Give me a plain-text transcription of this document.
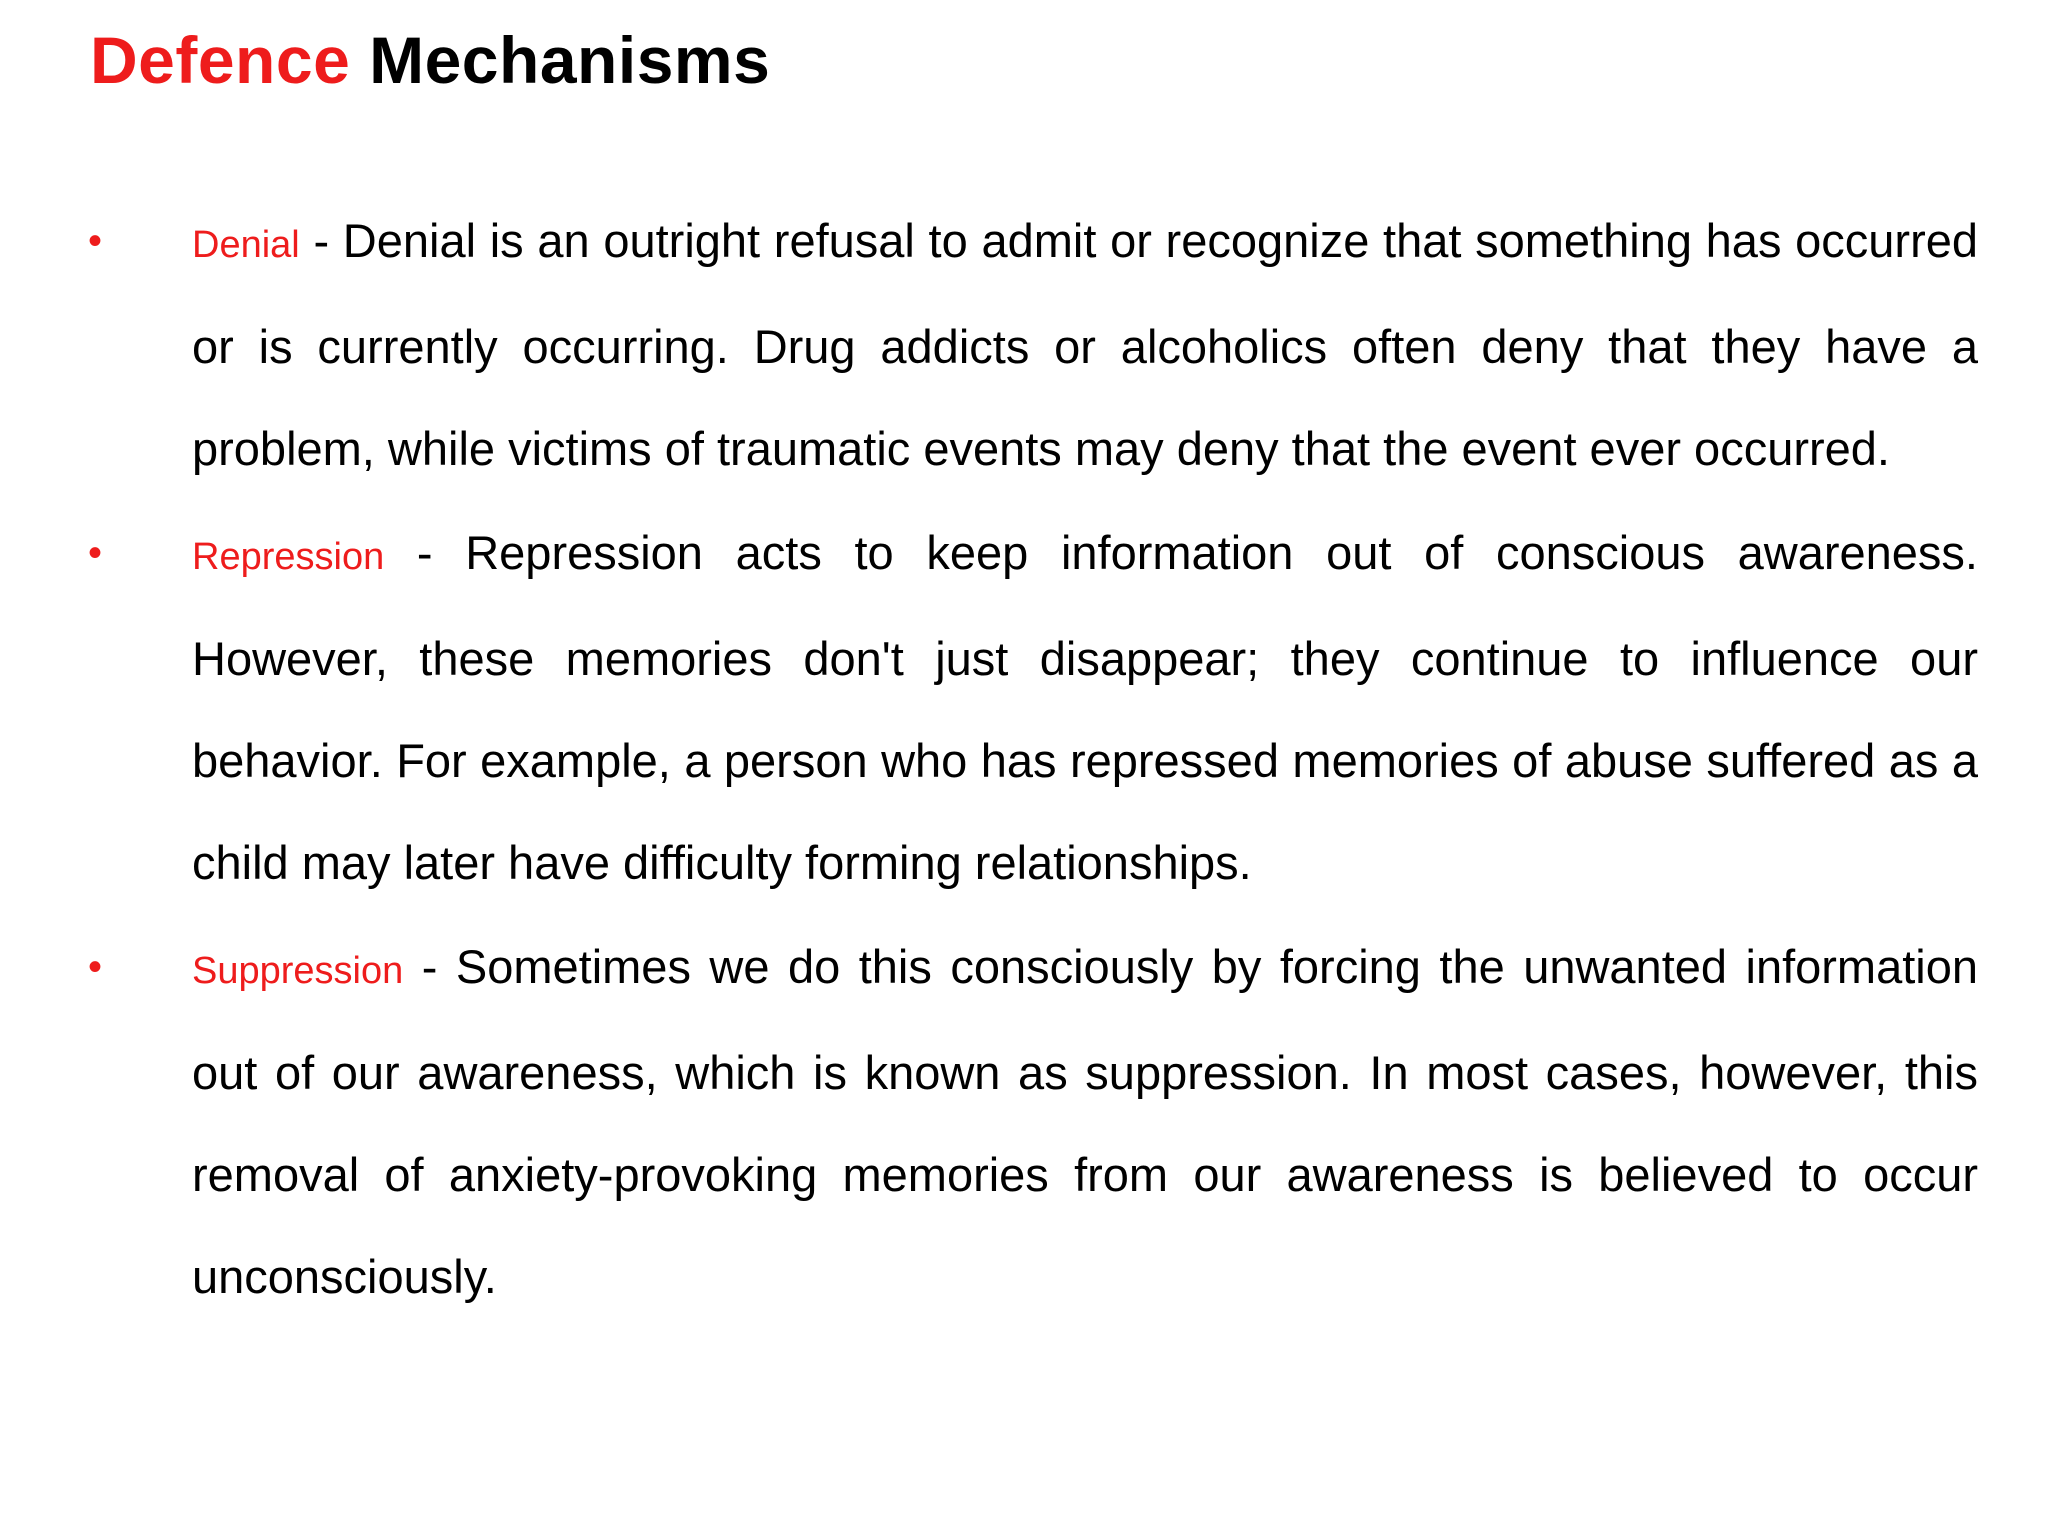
Defence Mechanisms
•	Denial - Denial is an outright refusal to admit or recognize that something has occurred or is currently occurring. Drug addicts or alcoholics often deny that they have a problem, while victims of traumatic events may deny that the event ever occurred.
•	Repression - Repression acts to keep information out of conscious awareness. However, these memories don't just disappear; they continue to influence our behavior. For example, a person who has repressed memories of abuse suffered as a child may later have difficulty forming relationships.
•	Suppression - Sometimes we do this consciously by forcing the unwanted information out of our awareness, which is known as suppression. In most cases, however, this removal of anxiety-provoking memories from our awareness is believed to occur unconsciously.
